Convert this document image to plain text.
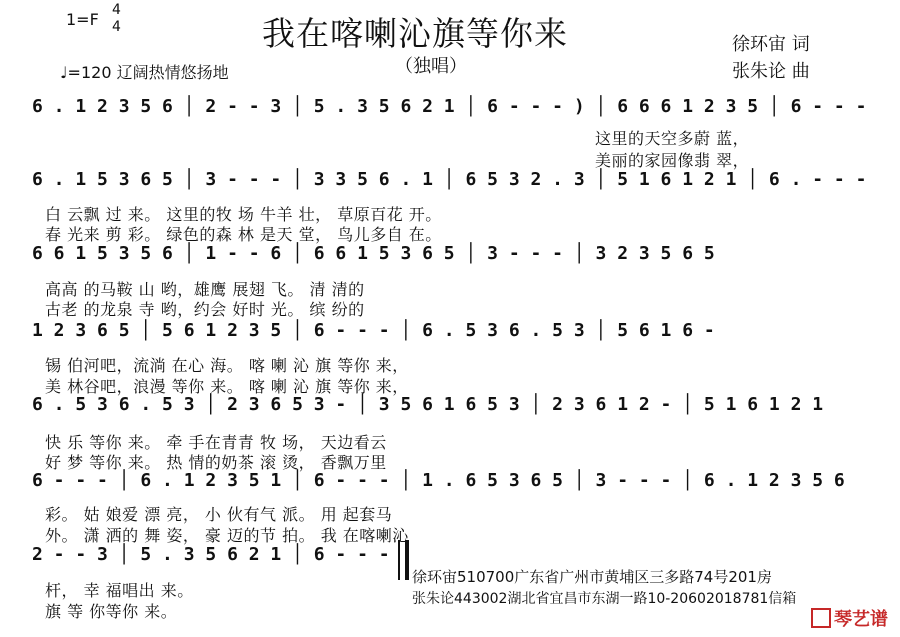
我在喀喇沁旗等你来
（独唱）
1=F 4
4
♩=120 辽阔热情悠扬地
徐环宙 词
张朱论 曲
6 . 1 2 3 5 6 │ 2 - - 3 │ 5 . 3 5 6 2 1 │ 6 - - - ) │ 6 6 6 1 2 3 5 │ 6 - - -
6 . 1 5 3 6 5 │ 3 - - - │ 3 3 5 6 . 1 │ 6 5 3 2 . 3 │ 5 1 6 1 2 1 │ 6 . - - -
6 6 1 5 3 5 6 │ 1 - - 6 │ 6 6 1 5 3 6 5 │ 3 - - - │ 3 2 3 5 6 5
1 2 3 6 5 │ 5 6 1 2 3 5 │ 6 - - - │ 6 . 5 3 6 . 5 3 │ 5 6 1 6 -
6 . 5 3 6 . 5 3 │ 2 3 6 5 3 - │ 3 5 6 1 6 5 3 │ 2 3 6 1 2 - │ 5 1 6 1 2 1
6 - - - │ 6 . 1 2 3 5 1 │ 6 - - - │ 1 . 6 5 3 6 5 │ 3 - - - │ 6 . 1 2 3 5 6
2 - - 3 │ 5 . 3 5 6 2 1 │ 6 - - -
这里的天空多蔚 蓝，
美丽的家园像翡 翠，
白 云飘 过 来。 这里的牧 场 牛羊 壮， 草原百花 开。
春 光来 剪 彩。 绿色的森 林 是天 堂， 鸟儿多自 在。
高高 的马鞍 山 哟，雄鹰 展翅 飞。 清 清的
古老 的龙泉 寺 哟，约会 好时 光。 缤 纷的
锡 伯河吧，流淌 在心 海。 喀 喇 沁 旗 等你 来，
美 林谷吧，浪漫 等你 来。 喀 喇 沁 旗 等你 来，
快 乐 等你 来。 牵 手在青青 牧 场， 天边看云
好 梦 等你 来。 热 情的奶茶 滚 烫， 香飘万里
彩。 姑 娘爱 漂 亮， 小 伙有气 派。 用 起套马
外。 潇 洒的 舞 姿， 豪 迈的节 拍。 我 在喀喇沁
杆， 幸 福唱出 来。
旗 等 你等你 来。
徐环宙510700广东省广州市黄埔区三多路74号201房
张朱论443002湖北省宜昌市东湖一路10-20602018781信箱
琴艺谱
